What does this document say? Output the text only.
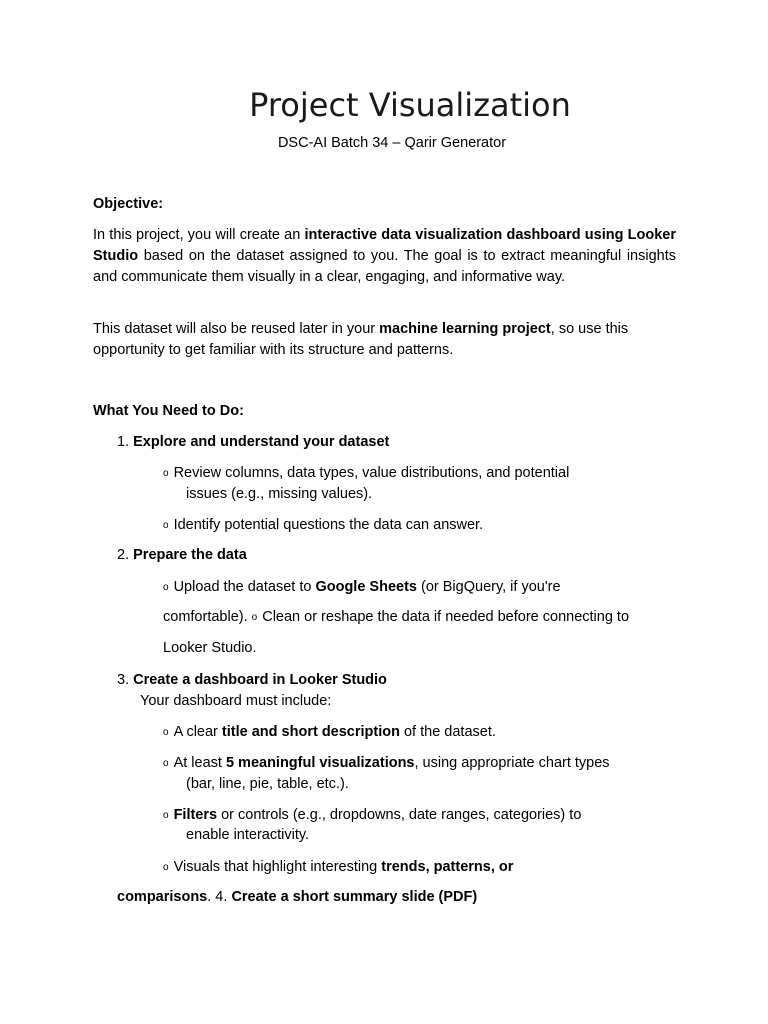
Project Visualization
DSC-AI Batch 34 – Qarir Generator
Objective:
In this project, you will create an interactive data visualization dashboard using Looker Studio based on the dataset assigned to you. The goal is to extract meaningful insights and communicate them visually in a clear, engaging, and informative way.
This dataset will also be reused later in your machine learning project, so use this opportunity to get familiar with its structure and patterns.
What You Need to Do:
1. Explore and understand your dataset
o Review columns, data types, value distributions, and potential
issues (e.g., missing values).
o Identify potential questions the data can answer.
2. Prepare the data
o Upload the dataset to Google Sheets (or BigQuery, if you're
comfortable). o Clean or reshape the data if needed before connecting to
Looker Studio.
3. Create a dashboard in Looker Studio
Your dashboard must include:
o A clear title and short description of the dataset.
o At least 5 meaningful visualizations, using appropriate chart types
(bar, line, pie, table, etc.).
o Filters or controls (e.g., dropdowns, date ranges, categories) to
enable interactivity.
o Visuals that highlight interesting trends, patterns, or
comparisons. 4. Create a short summary slide (PDF)
